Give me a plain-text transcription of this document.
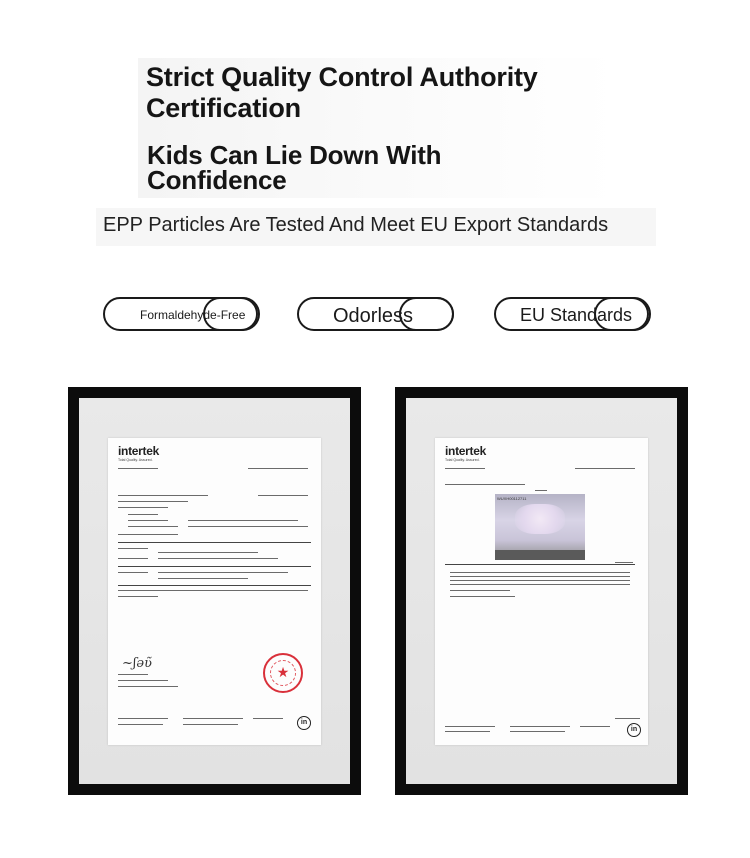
Strict Quality Control Authority Certification
Kids Can Lie Down With Confidence
EPP Particles Are Tested And Meet EU Export Standards
Formaldehyde-Free	Odorless	EU Standards
intertek
Total Quality. Assured.
~ʃǝʋ̃
★
in
intertek
Total Quality. Assured.
WUXH00112711
in
